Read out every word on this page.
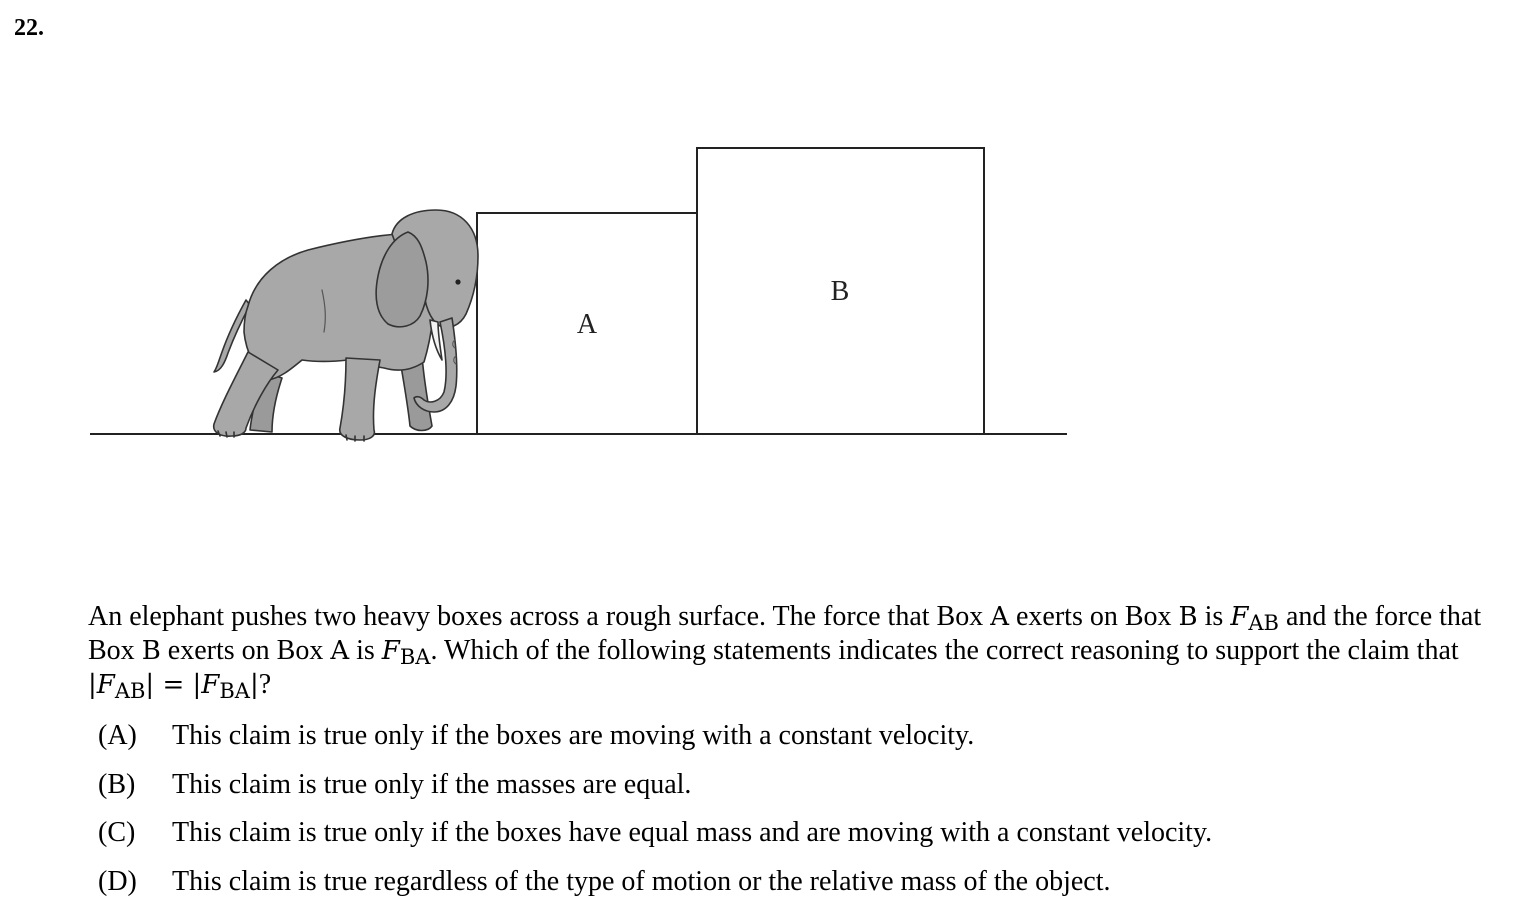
22.
A
B
An elephant pushes two heavy boxes across a rough surface. The force that Box A exerts on Box B is $F_{AB}$ and the force that Box B exerts on Box A is $F_{BA}$. Which of the following statements indicates the correct reasoning to support the claim that $|F_{AB}| = |F_{BA}|$?
(A) This claim is true only if the boxes are moving with a constant velocity.
(B) This claim is true only if the masses are equal.
(C) This claim is true only if the boxes have equal mass and are moving with a constant velocity.
(D) This claim is true regardless of the type of motion or the relative mass of the object.
